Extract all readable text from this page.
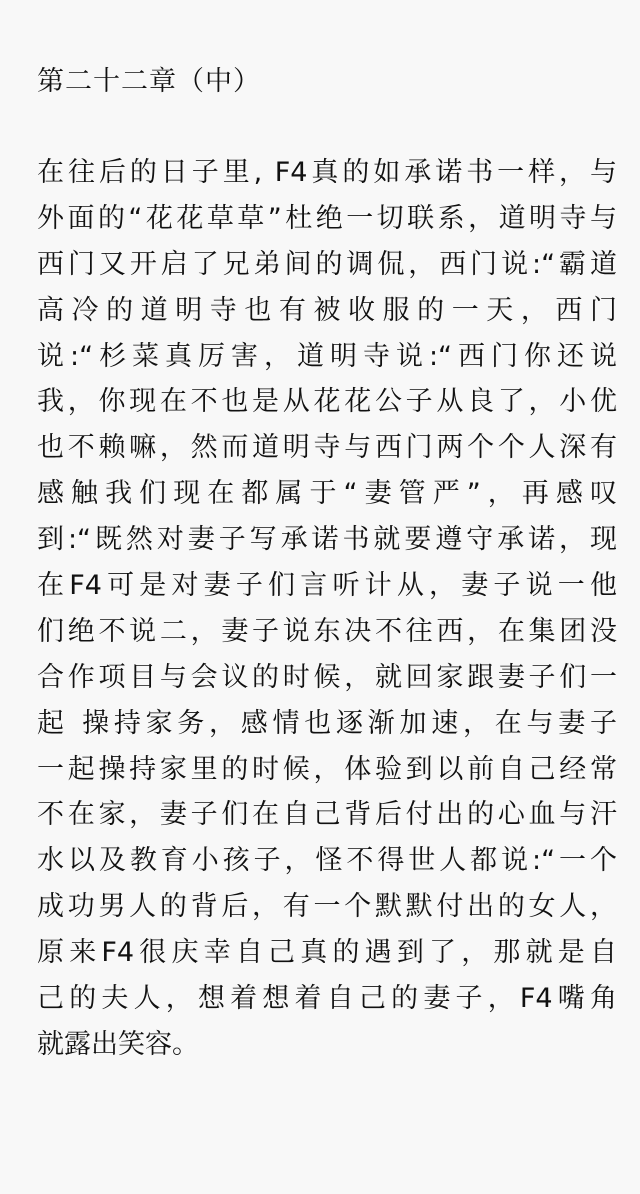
第二十二章（中）
在往后的日子里, F4真的如承诺书一样，与
外面的“花花草草”杜绝一切联系，道明寺与
西门又开启了兄弟间的调侃，西门说:“霸道
高冷的道明寺也有被收服的一天，西门
说:“杉菜真厉害，道明寺说:“西门你还说
我，你现在不也是从花花公子从良了，小优
也不赖嘛，然而道明寺与西门两个个人深有
感触我们现在都属于“妻管严”，再感叹
到:“既然对妻子写承诺书就要遵守承诺，现
在F4可是对妻子们言听计从，妻子说一他
们绝不说二，妻子说东决不往西，在集团没
合作项目与会议的时候，就回家跟妻子们一
起 操持家务，感情也逐渐加速，在与妻子
一起操持家里的时候，体验到以前自己经常
不在家，妻子们在自己背后付出的心血与汗
水以及教育小孩子，怪不得世人都说:“一个
成功男人的背后，有一个默默付出的女人，
原来F4很庆幸自己真的遇到了，那就是自
己的夫人，想着想着自己的妻子，F4嘴角
就露出笑容。
